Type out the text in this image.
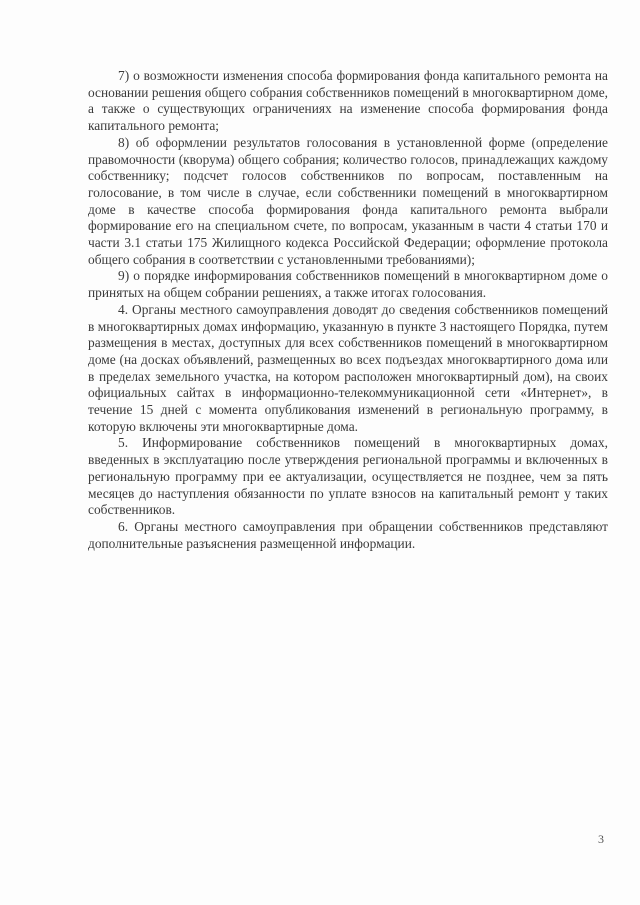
7) о возможности изменения способа формирования фонда капитального ремонта на основании решения общего собрания собственников помещений в многоквартирном доме, а также о существующих ограничениях на изменение способа формирования фонда капитального ремонта;

8) об оформлении результатов голосования в установленной форме (определение правомочности (кворума) общего собрания; количество голосов, принадлежащих каждому собственнику; подсчет голосов собственников по вопросам, поставленным на голосование, в том числе в случае, если собственники помещений в многоквартирном доме в качестве способа формирования фонда капитального ремонта выбрали формирование его на специальном счете, по вопросам, указанным в части 4 статьи 170 и части 3.1 статьи 175 Жилищного кодекса Российской Федерации; оформление протокола общего собрания в соответствии с установленными требованиями);

9) о порядке информирования собственников помещений в многоквартирном доме о принятых на общем собрании решениях, а также итогах голосования.

4. Органы местного самоуправления доводят до сведения собственников помещений в многоквартирных домах информацию, указанную в пункте 3 настоящего Порядка, путем размещения в местах, доступных для всех собственников помещений в многоквартирном доме (на досках объявлений, размещенных во всех подъездах многоквартирного дома или в пределах земельного участка, на котором расположен многоквартирный дом), на своих официальных сайтах в информационно-телекоммуникационной сети «Интернет», в течение 15 дней с момента опубликования изменений в региональную программу, в которую включены эти многоквартирные дома.

5. Информирование собственников помещений в многоквартирных домах, введенных в эксплуатацию после утверждения региональной программы и включенных в региональную программу при ее актуализации, осуществляется не позднее, чем за пять месяцев до наступления обязанности по уплате взносов на капитальный ремонт у таких собственников.

6. Органы местного самоуправления при обращении собственников представляют дополнительные разъяснения размещенной информации.

3
